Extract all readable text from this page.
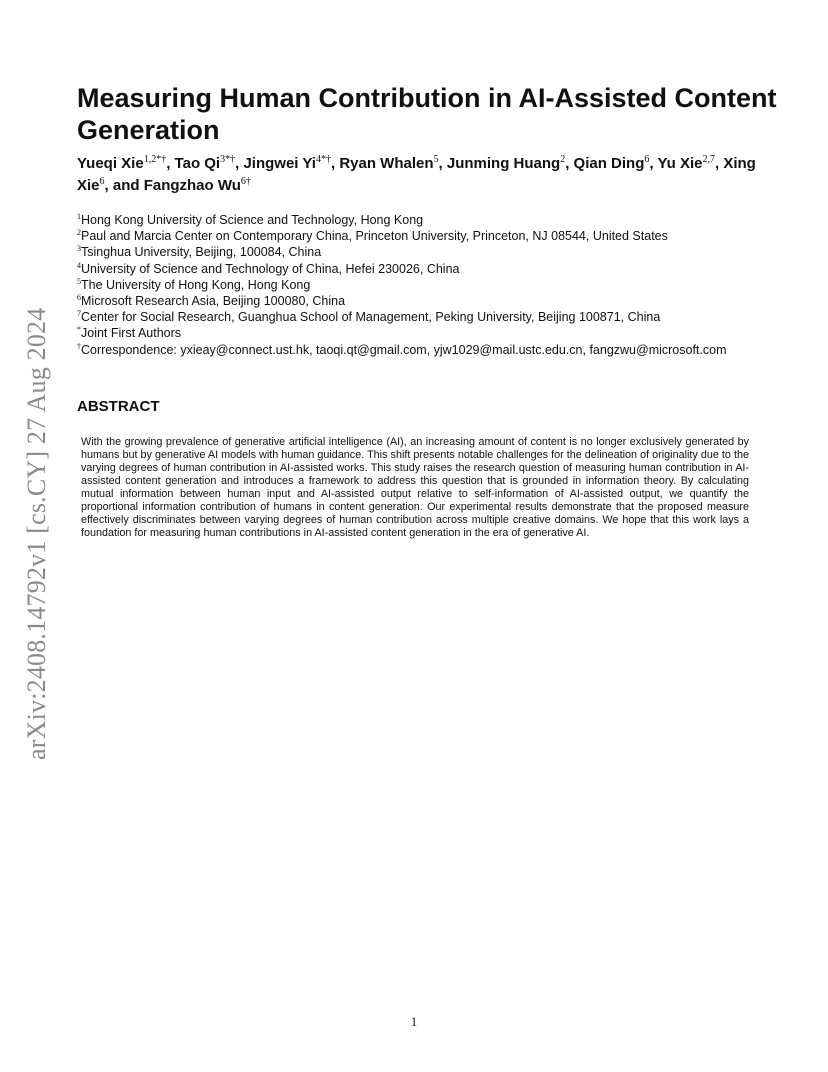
arXiv:2408.14792v1 [cs.CY] 27 Aug 2024
Measuring Human Contribution in AI-Assisted Content Generation
Yueqi Xie$^{1,2*\dagger}$, Tao $Qi^{3*\dagger}$, Jingwei $Yi^{4*\dagger}$, Ryan Whalen$^5$, Junming Huang$^2$, Qian Ding$^6$, Yu Xie$^{2,7}$, Xing Xie$^6$, and Fangzhao $Wu^{6\dagger}$
$^1$Hong Kong University of Science and Technology, Hong Kong
$^2$Paul and Marcia Center on Contemporary China, Princeton University, Princeton, NJ 08544, United States
$^3$Tsinghua University, Beijing, 100084, China
$^4$University of Science and Technology of China, Hefei 230026, China
$^5$The University of Hong Kong, Hong Kong
$^6$Microsoft Research Asia, Beijing 100080, China
$^7$Center for Social Research, Guanghua School of Management, Peking University, Beijing 100871, China
*Joint First Authors
†Correspondence: yxieay@connect.ust.hk, taoqi.qt@gmail.com, yjw1029@mail.ustc.edu.cn, fangzwu@microsoft.com
ABSTRACT

With the growing prevalence of generative artificial intelligence (AI), an increasing amount of content is no longer exclusively generated by humans but by generative AI models with human guidance. This shift presents notable challenges for the delineation of originality due to the varying degrees of human contribution in AI-assisted works. This study raises the research question of measuring human contribution in AI-assisted content generation and introduces a framework to address this question that is grounded in information theory. By calculating mutual information between human input and AI-assisted output relative to self-information of AI-assisted output, we quantify the proportional information contribution of humans in content generation. Our experimental results demonstrate that the proposed measure effectively discriminates between varying degrees of human contribution across multiple creative domains. We hope that this work lays a foundation for measuring human contributions in AI-assisted content generation in the era of generative AI.

1
